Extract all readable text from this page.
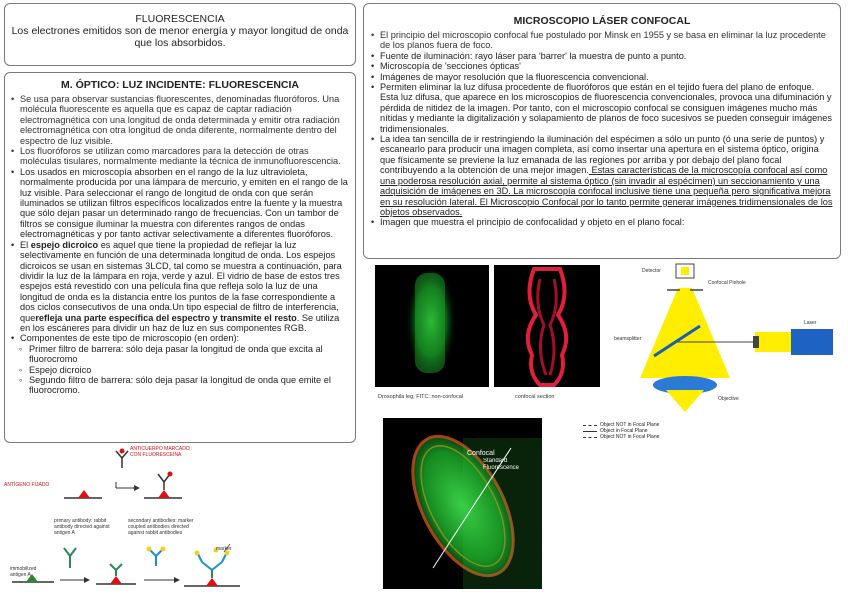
FLUORESCENCIA
Los electrones emitidos son de menor energía y mayor longitud de onda que los absorbidos.
M. ÓPTICO: LUZ INCIDENTE: FLUORESCENCIA
• Se usa para observar sustancias fluorescentes, denominadas fluoróforos. Una molécula fluorescente es aquella que es capaz de captar radiación electromagnética con una longitud de onda determinada y emitir otra radiación electromagnética con otra longitud de onda diferente, normalmente dentro del espectro de luz visible.
• Los fluoróforos se utilizan como marcadores para la detección de otras moléculas tisulares, normalmente mediante la técnica de inmunofluorescencia.
• Los usados en microscopía absorben en el rango de la luz ultravioleta, normalmente producida por una lámpara de mercurio, y emiten en el rango de la luz visible. Para seleccionar el rango de longitud de onda con que serán iluminados se utilizan filtros específicos localizados entre la fuente y la muestra que sólo dejan pasar un determinado rango de frecuencias. Con un tambor de filtros se consigue iluminar la muestra con diferentes rangos de ondas electromagnéticas y por tanto activar selectivamente a diferentes fluoróforos.
• El espejo dicroico es aquel que tiene la propiedad de reflejar la luz selectivamente en función de una determinada longitud de onda. Los espejos dicroicos se usan en sistemas 3LCD, tal como se muestra a continuación, para dividir la luz de la lámpara en roja, verde y azul. El vidrio de base de estos tres espejos está revestido con una película fina que refleja solo la luz de una longitud de onda es la distancia entre los puntos de la fase correspondiente a dos ciclos consecutivos de una onda.Un tipo especial de filtro de interferencia, querefleja una parte específica del espectro y transmite el resto. Se utiliza en los escáneres para dividir un haz de luz en sus componentes RGB.
• Componentes de este tipo de microscopio (en orden):
◦ Primer filtro de barrera: sólo deja pasar la longitud de onda que excita al fluorocromo
◦ Espejo dicroico
◦ Segundo filtro de barrera: sólo deja pasar la longitud de onda que emite el fluorocromo.
MICROSCOPIO LÁSER CONFOCAL
• El principio del microscopio confocal fue postulado por Minsk en 1955 y se basa en eliminar la luz procedente de los planos fuera de foco.
• Fuente de iluminación: rayo láser para 'barrer' la muestra de punto a punto.
• Microscopía de 'secciones ópticas'
• Imágenes de mayor resolución que la fluorescencia convencional.
• Permiten eliminar la luz difusa procedente de fluoróforos que están en el tejido fuera del plano de enfoque. Esta luz difusa, que aparece en los microscopios de fluorescencia convencionales, provoca una difuminación y pérdida de nitidez de la imagen. Por tanto, con el microscopio confocal se consiguen imágenes mucho más nítidas y mediante la digitalización y solapamiento de planos de foco sucesivos se pueden conseguir imágenes tridimensionales.
• La idea tan sencilla de ir restringiendo la iluminación del espécimen a sólo un punto (ó una serie de puntos) y escanearlo para producir una imagen completa, así como insertar una apertura en el sistema óptico, origina que físicamente se previene la luz emanada de las regiones por arriba y por debajo del plano focal contribuyendo a la obtención de una mejor imagen. Estas características de la microscopía confocal así como una poderosa resolución axial, permite al sistema óptico (sin invadir al espécimen) un seccionamiento y una adquisición de imágenes en 3D. La microscopía confocal inclusive tiene una pequeña pero significativa mejora en su resolución lateral. El Microscopio Confocal por lo tanto permite generar imágenes tridimensionales de los objetos observados.
• Imagen que muestra el principio de confocalidad y objeto en el plano focal:
Drosophila leg, FITC: non-confocal	confocal section
Detector
Confocal Pinhole
beamsplitter
Laser
Objective
Object NOT in Focal Plane
Object in Focal Plane
Object NOT in Focal Plane
Confocal
Standard Fluorescence
ANTICUERPO MARCADO CON FLUORESCEÍNA
ANTÍGENO FIJADO
primary antibody: rabbit antibody directed against antigen A
secondary antibodies: marker coupled antibodies directed against rabbit antibodies
marker
immobilized antigen A
